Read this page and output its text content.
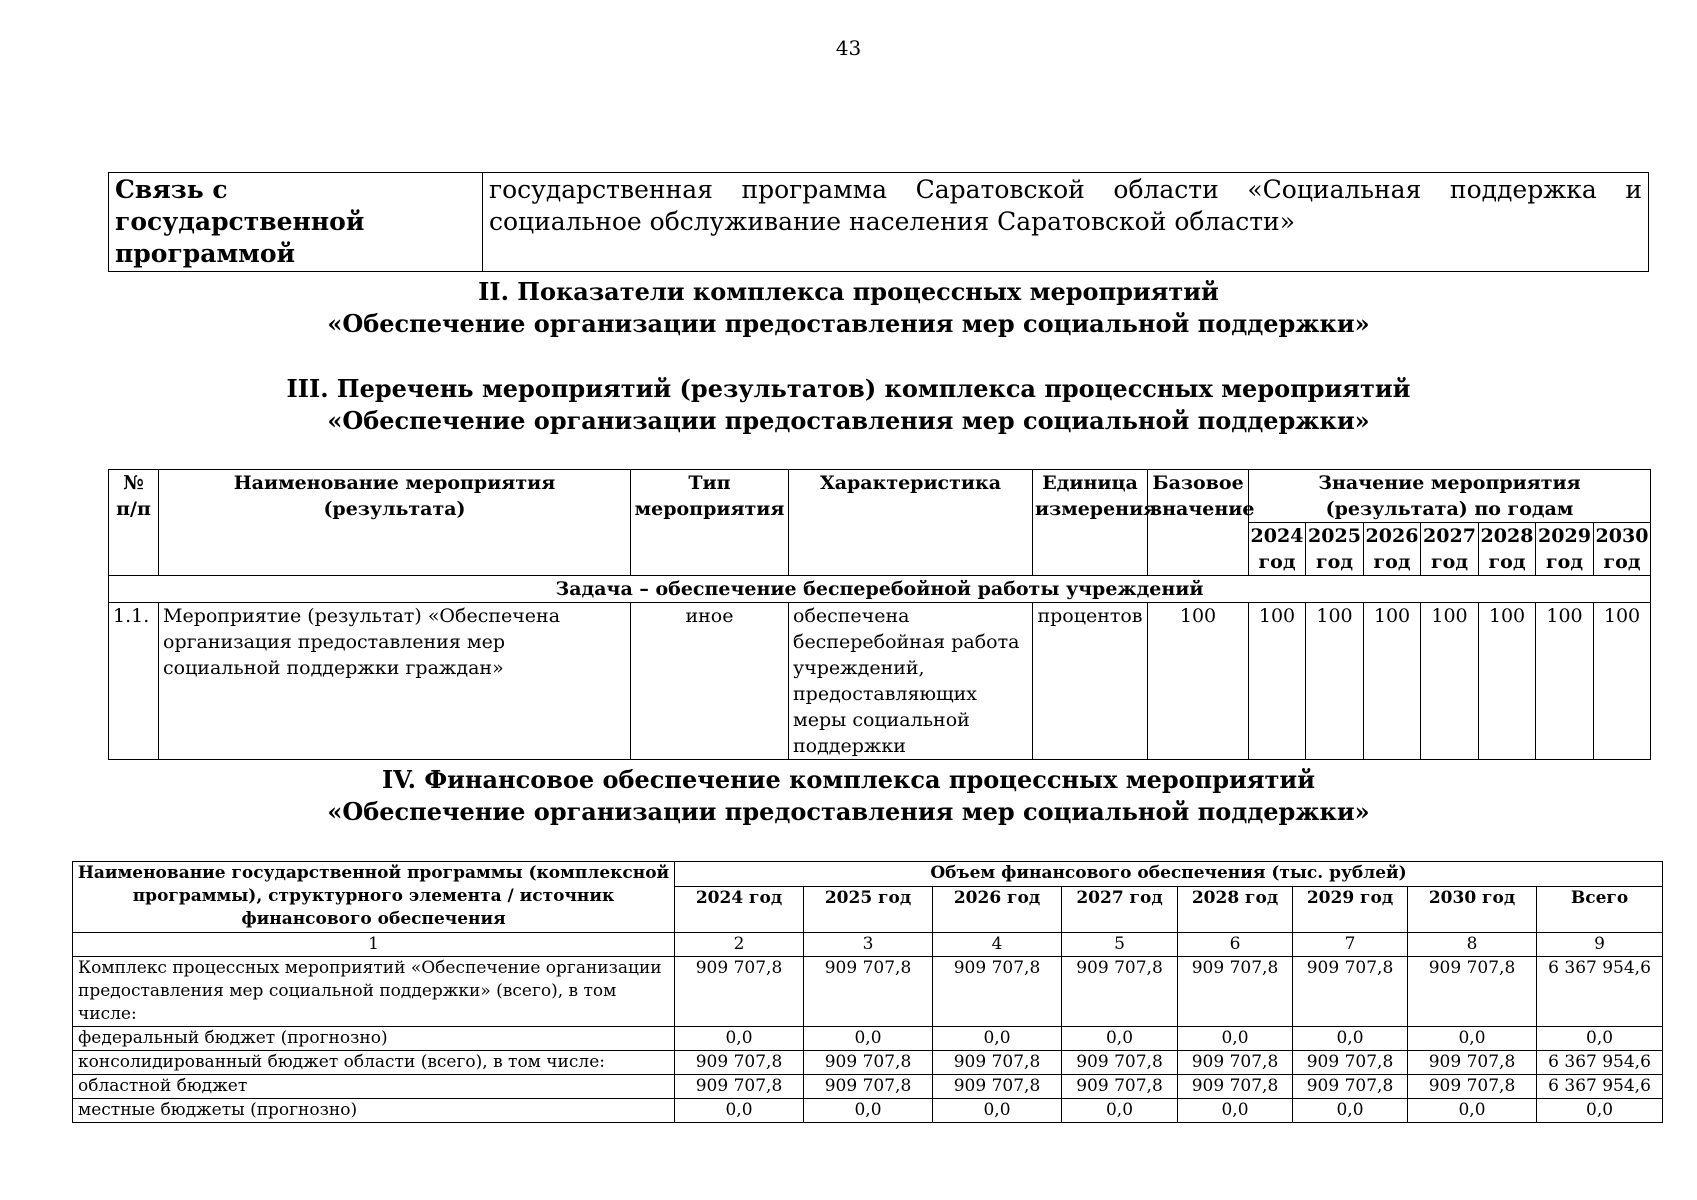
43
Связь с государственной программой	государственная программа Саратовской области «Социальная поддержка и социальное обслуживание населения Саратовской области»
II. Показатели комплекса процессных мероприятий
«Обеспечение организации предоставления мер социальной поддержки»
III. Перечень мероприятий (результатов) комплекса процессных мероприятий
«Обеспечение организации предоставления мер социальной поддержки»
№ п/п	Наименование мероприятия (результата)	Тип мероприятия	Характеристика	Единица измерения	Базовое значение	Значение мероприятия (результата) по годам						
						2024 год	2025 год	2026 год	2027 год	2028 год	2029 год	2030 год
Задача – обеспечение бесперебойной работы учреждений												
1.1.	Мероприятие (результат) «Обеспечена организация предоставления мер социальной поддержки граждан»	иное	обеспечена бесперебойная работа учреждений, предоставляющих меры социальной поддержки	процентов	100	100	100	100	100	100	100	100
IV. Финансовое обеспечение комплекса процессных мероприятий
«Обеспечение организации предоставления мер социальной поддержки»
Наименование государственной программы (комплексной программы), структурного элемента / источник финансового обеспечения	Объем финансового обеспечения (тыс. рублей)							
	2024 год	2025 год	2026 год	2027 год	2028 год	2029 год	2030 год	Всего
1	2	3	4	5	6	7	8	9
Комплекс процессных мероприятий «Обеспечение организации предоставления мер социальной поддержки» (всего), в том числе:	909 707,8	909 707,8	909 707,8	909 707,8	909 707,8	909 707,8	909 707,8	6 367 954,6
федеральный бюджет (прогнозно)	0,0	0,0	0,0	0,0	0,0	0,0	0,0	0,0
консолидированный бюджет области (всего), в том числе:	909 707,8	909 707,8	909 707,8	909 707,8	909 707,8	909 707,8	909 707,8	6 367 954,6
областной бюджет	909 707,8	909 707,8	909 707,8	909 707,8	909 707,8	909 707,8	909 707,8	6 367 954,6
местные бюджеты (прогнозно)	0,0	0,0	0,0	0,0	0,0	0,0	0,0	0,0
